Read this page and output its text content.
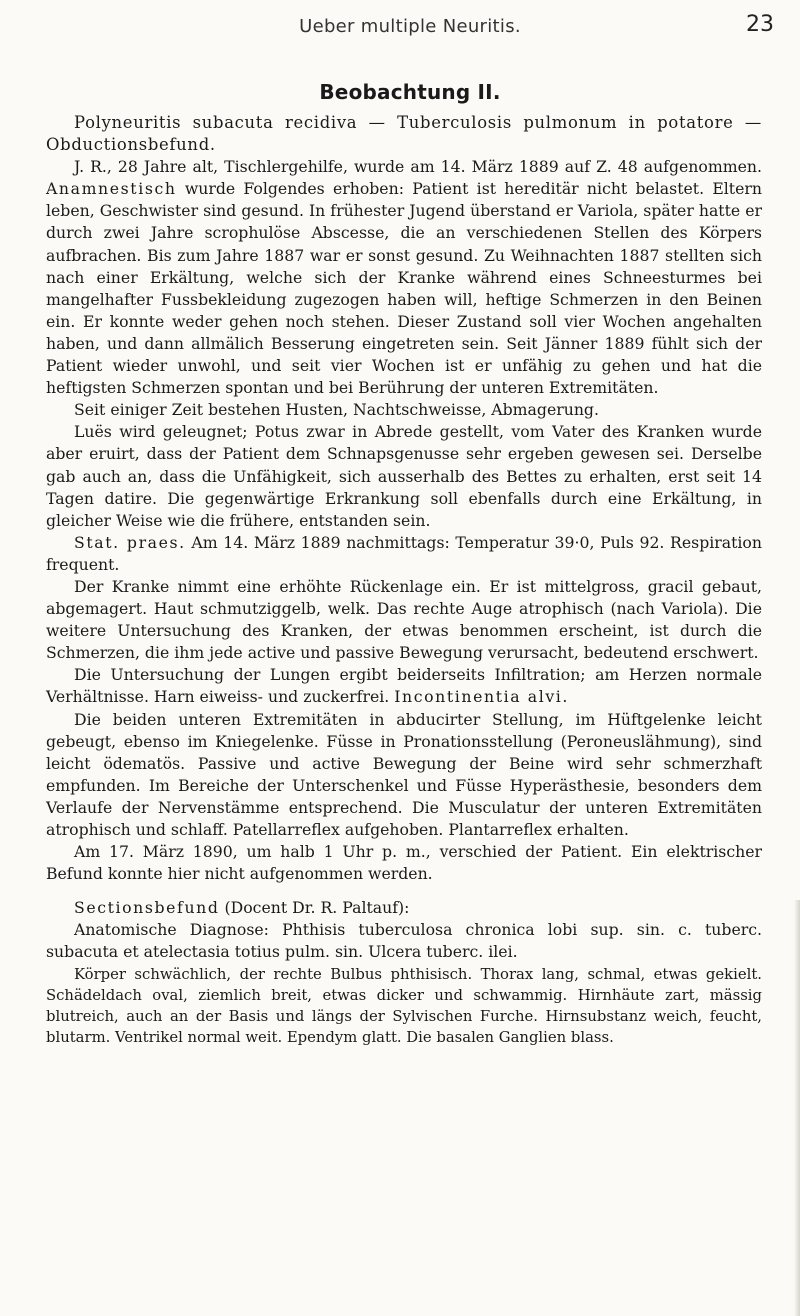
Ueber multiple Neuritis.	23
Beobachtung II.

Polyneuritis subacuta recidiva — Tuberculosis pulmonum in potatore — Obductionsbefund.

J. R., 28 Jahre alt, Tischlergehilfe, wurde am 14. März 1889 auf Z. 48 aufgenommen. Anamnestisch wurde Folgendes erhoben: Patient ist hereditär nicht belastet. Eltern leben, Geschwister sind gesund. In frühester Jugend überstand er Variola, später hatte er durch zwei Jahre scrophulöse Abscesse, die an verschiedenen Stellen des Körpers aufbrachen. Bis zum Jahre 1887 war er sonst gesund. Zu Weihnachten 1887 stellten sich nach einer Erkältung, welche sich der Kranke während eines Schneesturmes bei mangelhafter Fussbekleidung zugezogen haben will, heftige Schmerzen in den Beinen ein. Er konnte weder gehen noch stehen. Dieser Zustand soll vier Wochen angehalten haben, und dann allmälich Besserung eingetreten sein. Seit Jänner 1889 fühlt sich der Patient wieder unwohl, und seit vier Wochen ist er unfähig zu gehen und hat die heftigsten Schmerzen spontan und bei Berührung der unteren Extremitäten.

Seit einiger Zeit bestehen Husten, Nachtschweisse, Abmagerung.

Luës wird geleugnet; Potus zwar in Abrede gestellt, vom Vater des Kranken wurde aber eruirt, dass der Patient dem Schnapsgenusse sehr ergeben gewesen sei. Derselbe gab auch an, dass die Unfähigkeit, sich ausserhalb des Bettes zu erhalten, erst seit 14 Tagen datire. Die gegenwärtige Erkrankung soll ebenfalls durch eine Erkältung, in gleicher Weise wie die frühere, entstanden sein.

Stat. praes. Am 14. März 1889 nachmittags: Temperatur 39·0, Puls 92. Respiration frequent.

Der Kranke nimmt eine erhöhte Rückenlage ein. Er ist mittelgross, gracil gebaut, abgemagert. Haut schmutziggelb, welk. Das rechte Auge atrophisch (nach Variola). Die weitere Untersuchung des Kranken, der etwas benommen erscheint, ist durch die Schmerzen, die ihm jede active und passive Bewegung verursacht, bedeutend erschwert.

Die Untersuchung der Lungen ergibt beiderseits Infiltration; am Herzen normale Verhältnisse. Harn eiweiss- und zuckerfrei. Incontinentia alvi.

Die beiden unteren Extremitäten in abducirter Stellung, im Hüftgelenke leicht gebeugt, ebenso im Kniegelenke. Füsse in Pronationsstellung (Peroneuslähmung), sind leicht ödematös. Passive und active Bewegung der Beine wird sehr schmerzhaft empfunden. Im Bereiche der Unterschenkel und Füsse Hyperästhesie, besonders dem Verlaufe der Nervenstämme entsprechend. Die Musculatur der unteren Extremitäten atrophisch und schlaff. Patellarreflex aufgehoben. Plantarreflex erhalten.

Am 17. März 1890, um halb 1 Uhr p. m., verschied der Patient. Ein elektrischer Befund konnte hier nicht aufgenommen werden.

Sectionsbefund (Docent Dr. R. Paltauf):

Anatomische Diagnose: Phthisis tuberculosa chronica lobi sup. sin. c. tuberc. subacuta et atelectasia totius pulm. sin. Ulcera tuberc. ilei.

Körper schwächlich, der rechte Bulbus phthisisch. Thorax lang, schmal, etwas gekielt. Schädeldach oval, ziemlich breit, etwas dicker und schwammig. Hirnhäute zart, mässig blutreich, auch an der Basis und längs der Sylvischen Furche. Hirnsubstanz weich, feucht, blutarm. Ventrikel normal weit. Ependym glatt. Die basalen Ganglien blass.
